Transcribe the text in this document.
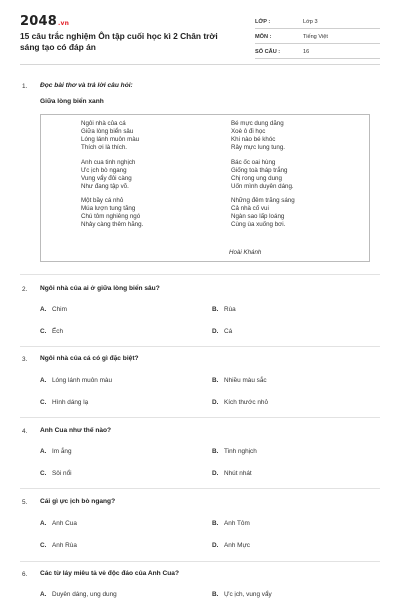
2048.vn
15 câu trắc nghiệm Ôn tập cuối học kì 2 Chân trời sáng tạo có đáp án
LỚP :	Lớp 3
MÔN :	Tiếng Việt
SỐ CÂU :	16
1. Đọc bài thơ và trả lời câu hỏi:
Giữa lòng biển xanh
Ngôi nhà của cá
Giữa lòng biển sâu
Lóng lánh muôn màu
Thích ơi là thích.
Anh cua tinh nghịch
Ưc ịch bò ngang
Vung vẩy đôi càng
Như đang tập võ.
Một bầy cá nhỏ
Múa lượn tung tăng
Chú tôm nghiêng ngó
Nhảy càng thêm hăng.
Bé mực dung dăng
Xoè ô đi học
Khi nào bé khóc
Rây mực lung tung.
Bác ốc oai hùng
Giống toà tháp trắng
Chị rong ung dung
Uốn mình duyên dáng.
Những đêm trăng sáng
Cả nhà cố vui
Ngàn sao lấp loáng
Cùng ùa xuống bơi.
Hoài Khánh
2. Ngôi nhà của ai ở giữa lòng biển sâu?
A. Chim	B. Rùa
C. Ếch	D. Cá
3. Ngôi nhà của cá có gì đặc biệt?
A. Lóng lánh muôn màu	B. Nhiều màu sắc
C. Hình dáng lạ	D. Kích thước nhỏ
4. Anh Cua như thế nào?
A. Im ắng	B. Tinh nghịch
C. Sôi nổi	D. Nhút nhát
5. Cái gì ực ịch bò ngang?
A. Anh Cua	B. Anh Tôm
C. Anh Rùa	D. Anh Mực
6. Các từ láy miêu tả vẻ độc đáo của Anh Cua?
A. Duyên dáng, ung dung	B. Ực ịch, vung vẩy
